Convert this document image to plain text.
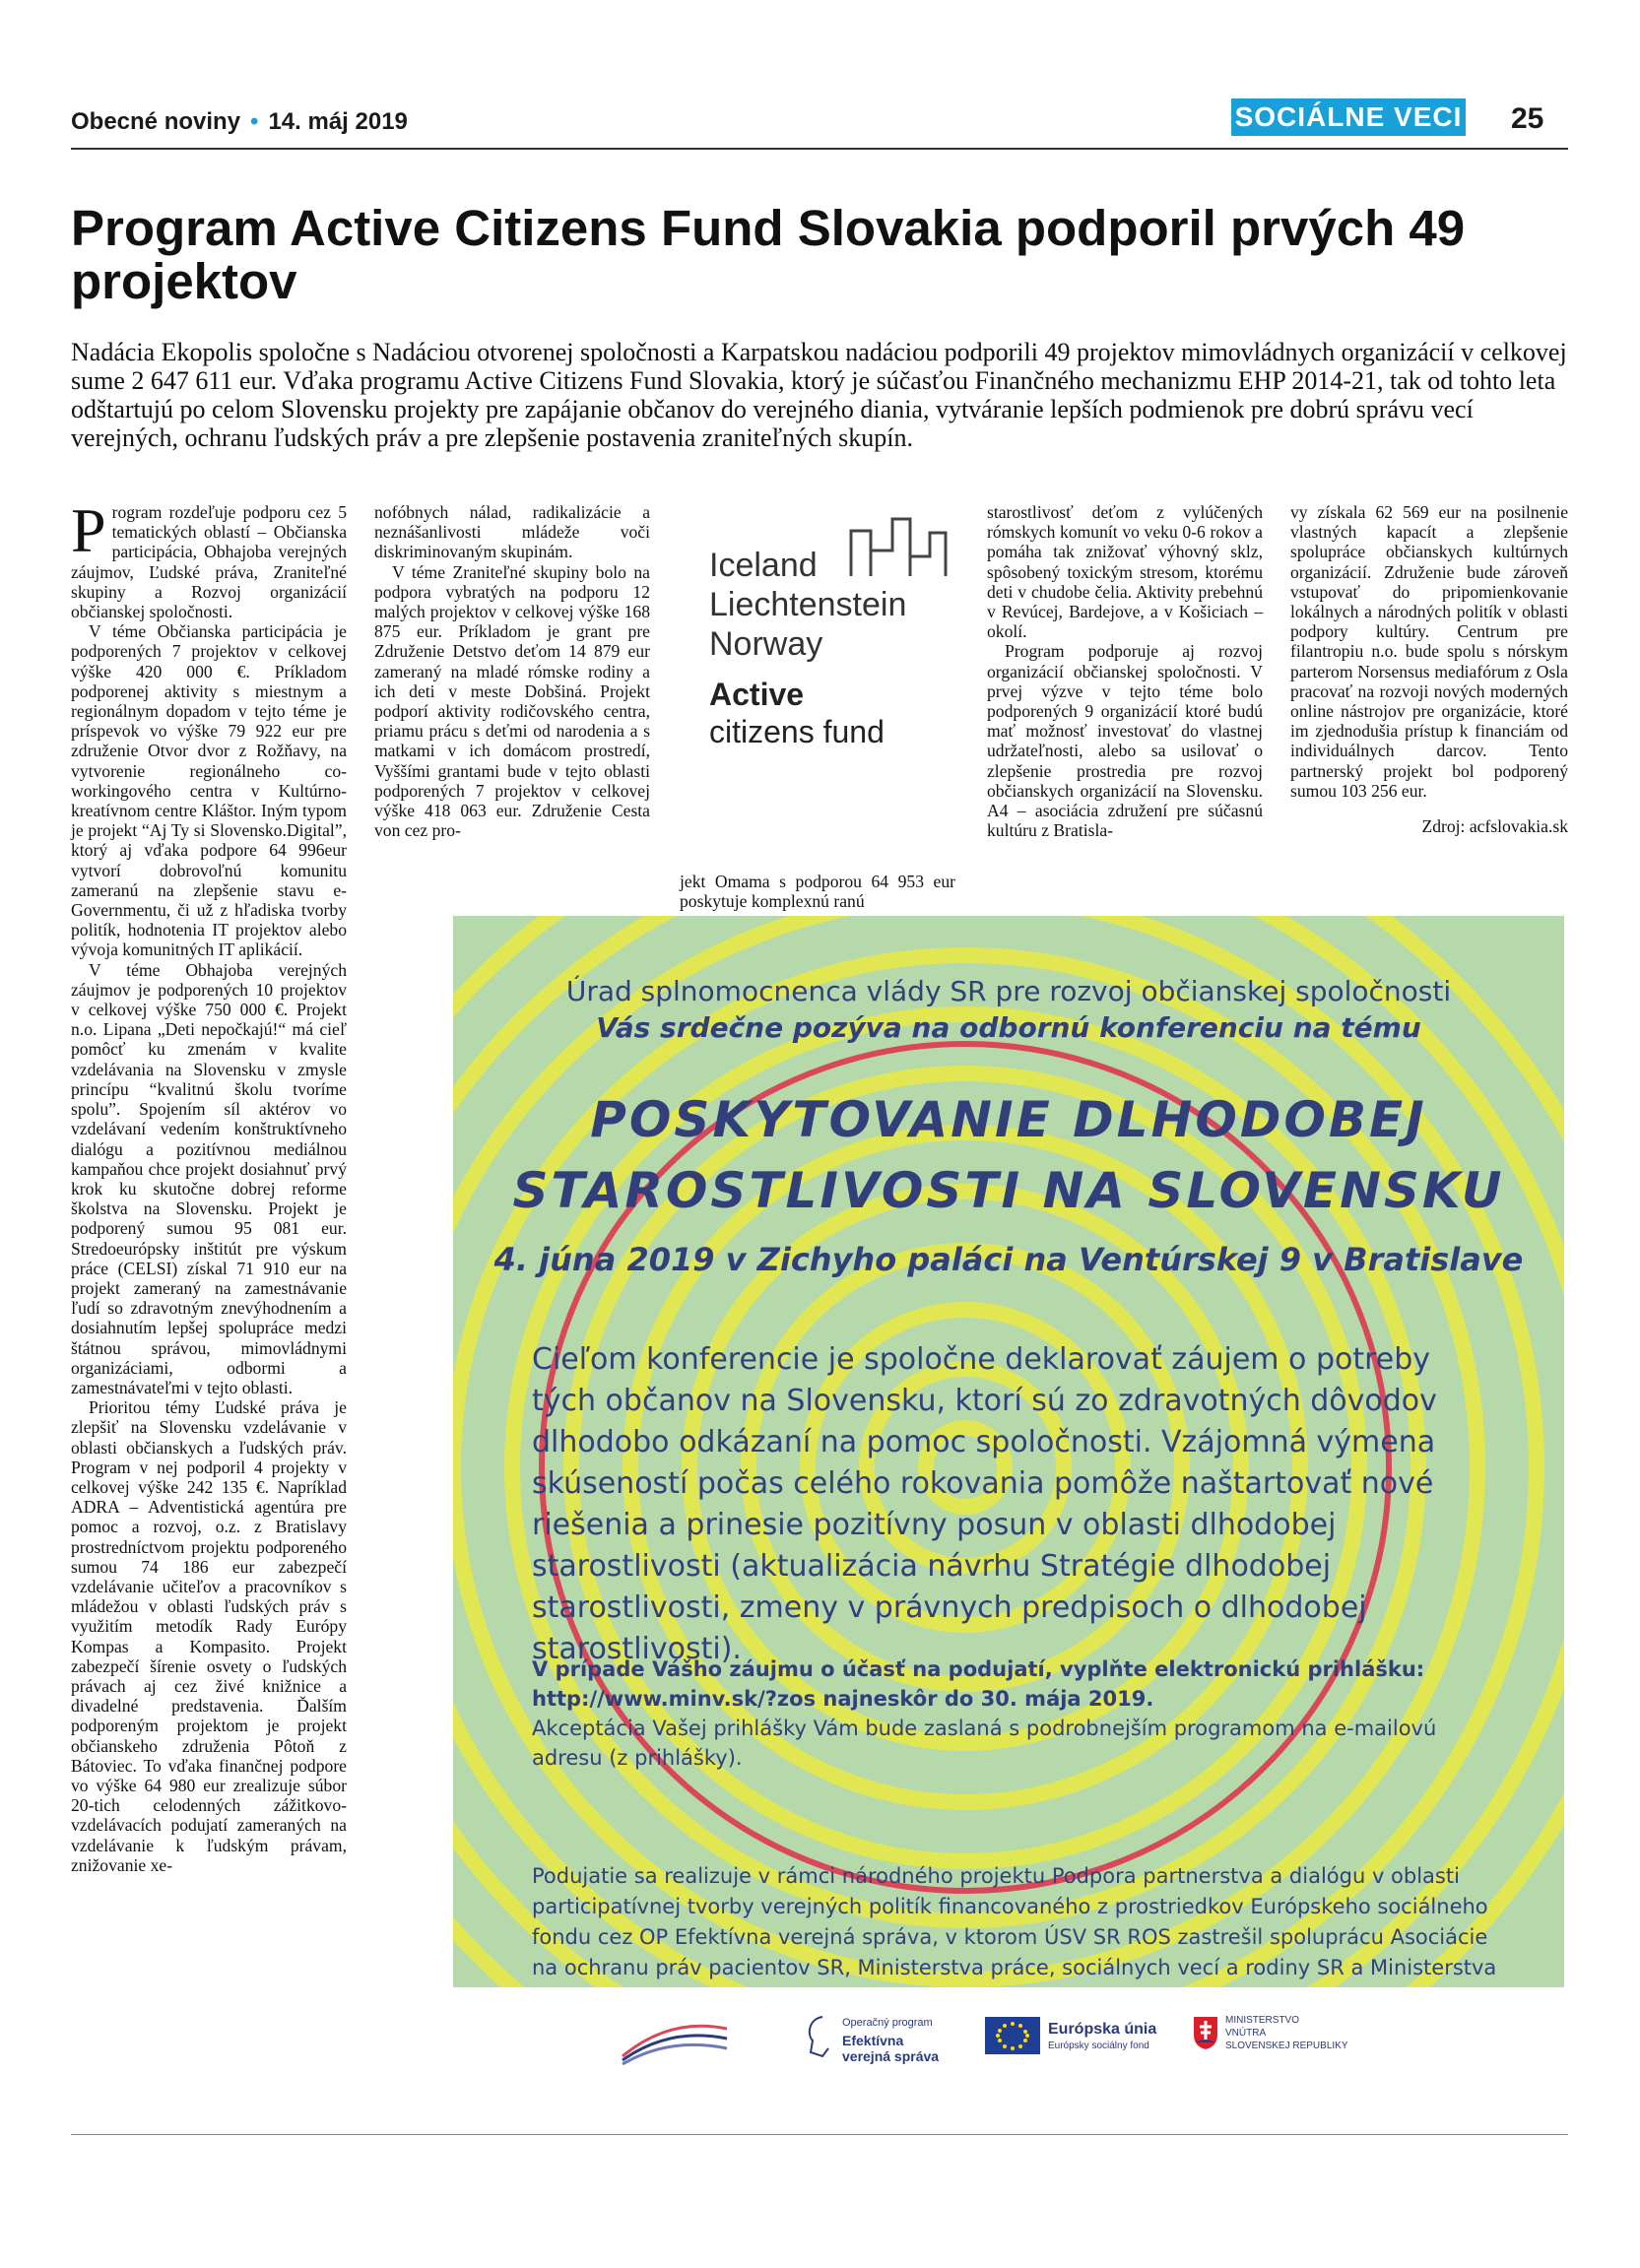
Obecné noviny • 14. máj 2019	SOCIÁLNE VECI 25
Program Active Citizens Fund Slovakia podporil prvých 49 projektov

Nadácia Ekopolis spoločne s Nadáciou otvorenej spoločnosti a Karpatskou nadáciou podporili 49 projektov mimovládnych organizácií v celkovej sume 2 647 611 eur. Vďaka programu Active Citizens Fund Slovakia, ktorý je súčasťou Finančného mechanizmu EHP 2014-21, tak od tohto leta odštartujú po celom Slovensku projekty pre zapájanie občanov do verejného diania, vytváranie lepších podmienok pre dobrú správu vecí verejných, ochranu ľudských práv a pre zlepšenie postavenia zraniteľných skupín.

Program rozdeľuje podporu cez 5 tematických oblastí – Občianska participácia, Obhajoba verejných záujmov, Ľudské práva, Zraniteľné skupiny a Rozvoj organizácií občianskej spoločnosti.

V téme Občianska participácia je podporených 7 projektov v celkovej výške 420 000 €. Príkladom podporenej aktivity s miestnym a regionálnym dopadom v tejto téme je príspevok vo výške 79 922 eur pre združenie Otvor dvor z Rožňavy, na vytvorenie regionálneho co-workingového centra v Kultúrno-kreatívnom centre Kláštor. Iným typom je projekt “Aj Ty si Slovensko.Digital”, ktorý aj vďaka podpore 64 996eur vytvorí dobrovoľnú komunitu zameranú na zlepšenie stavu e-Governmentu, či už z hľadiska tvorby politík, hodnotenia IT projektov alebo vývoja komunitných IT aplikácií.

V téme Obhajoba verejných záujmov je podporených 10 projektov v celkovej výške 750 000 €. Projekt n.o. Lipana „Deti nepočkajú!“ má cieľ pomôcť ku zmenám v kvalite vzdelávania na Slovensku v zmysle princípu “kvalitnú školu tvoríme spolu”. Spojením síl aktérov vo vzdelávaní vedením konštruktívneho dialógu a pozitívnou mediálnou kampaňou chce projekt dosiahnuť prvý krok ku skutočne dobrej reforme školstva na Slovensku. Projekt je podporený sumou 95 081 eur. Stredoeurópsky inštitút pre výskum práce (CELSI) získal 71 910 eur na projekt zameraný na zamestnávanie ľudí so zdravotným znevýhodnením a dosiahnutím lepšej spolupráce medzi štátnou správou, mimovládnymi organizáciami, odbormi a zamestnávateľmi v tejto oblasti.

Prioritou témy Ľudské práva je zlepšiť na Slovensku vzdelávanie v oblasti občianskych a ľudských práv. Program v nej podporil 4 projekty v celkovej výške 242 135 €. Napríklad ADRA – Adventistická agentúra pre pomoc a rozvoj, o.z. z Bratislavy prostredníctvom projektu podporeného sumou 74 186 eur zabezpečí vzdelávanie učiteľov a pracovníkov s mládežou v oblasti ľudských práv s využitím metodík Rady Európy Kompas a Kompasito. Projekt zabezpečí šírenie osvety o ľudských právach aj cez živé knižnice a divadelné predstavenia. Ďalším podporeným projektom je projekt občianskeho združenia Pôtoň z Bátoviec. To vďaka finančnej podpore vo výške 64 980 eur zrealizuje súbor 20-tich celodenných zážitkovo-vzdelávacích podujatí zameraných na vzdelávanie k ľudským právam, znižovanie xe-

nofóbnych nálad, radikalizácie a neznášanlivosti mládeže voči diskriminovaným skupinám.

V téme Zraniteľné skupiny bolo na podpora vybratých na podporu 12 malých projektov v celkovej výške 168 875 eur. Príkladom je grant pre Združenie Detstvo deťom 14 879 eur zameraný na mladé rómske rodiny a ich deti v meste Dobšiná. Projekt podporí aktivity rodičovského centra, priamu prácu s deťmi od narodenia a s matkami v ich domácom prostredí, Vyššími grantami bude v tejto oblasti podporených 7 projektov v celkovej výške 418 063 eur. Združenie Cesta von cez pro-

Iceland
Liechtenstein
Norway
Active
citizens fund

jekt Omama s podporou 64 953 eur poskytuje komplexnú ranú

starostlivosť deťom z vylúčených rómskych komunít vo veku 0-6 rokov a pomáha tak znižovať výhovný sklz, spôsobený toxickým stresom, ktorému deti v chudobe čelia. Aktivity prebehnú v Revúcej, Bardejove, a v Košiciach – okolí.

Program podporuje aj rozvoj organizácií občianskej spoločnosti. V prvej výzve v tejto téme bolo podporených 9 organizácií ktoré budú mať možnosť investovať do vlastnej udržateľnosti, alebo sa usilovať o zlepšenie prostredia pre rozvoj občianskych organizácií na Slovensku. A4 – asociácia združení pre súčasnú kultúru z Bratisla-

vy získala 62 569 eur na posilnenie vlastných kapacít a zlepšenie spolupráce občianskych kultúrnych organizácií. Združenie bude zároveň vstupovať do pripomienkovanie lokálnych a národných politík v oblasti podpory kultúry. Centrum pre filantropiu n.o. bude spolu s nórskym parterom Norsensus mediafórum z Osla pracovať na rozvoji nových moderných online nástrojov pre organizácie, ktoré im zjednodušia prístup k financiám od individuálnych darcov. Tento partnerský projekt bol podporený sumou 103 256 eur.

Zdroj: acfslovakia.sk

Úrad splnomocnenca vlády SR pre rozvoj občianskej spoločnosti
Vás srdečne pozýva na odbornú konferenciu na tému
POSKYTOVANIE DLHODOBEJ
STAROSTLIVOSTI NA SLOVENSKU
4. júna 2019 v Zichyho paláci na Ventúrskej 9 v Bratislave
Cieľom konferencie je spoločne deklarovať záujem o potreby tých občanov na Slovensku, ktorí sú zo zdravotných dôvodov dlhodobo odkázaní na pomoc spoločnosti. Vzájomná výmena skúseností počas celého rokovania pomôže naštartovať nové riešenia a prinesie pozitívny posun v oblasti dlhodobej starostlivosti (aktualizácia návrhu Stratégie dlhodobej starostlivosti, zmeny v právnych predpisoch o dlhodobej starostlivosti).
V prípade Vášho záujmu o účasť na podujatí, vyplňte elektronickú prihlášku:
http://www.minv.sk/?zos najneskôr do 30. mája 2019.
Akceptácia Vašej prihlášky Vám bude zaslaná s podrobnejším programom na e-mailovú adresu (z prihlášky).
Podujatie sa realizuje v rámci národného projektu Podpora partnerstva a dialógu v oblasti participatívnej tvorby verejných politík financovaného z prostriedkov Európskeho sociálneho fondu cez OP Efektívna verejná správa, v ktorom ÚSV SR ROS zastrešil spoluprácu Asociácie na ochranu práv pacientov SR, Ministerstva práce, sociálnych vecí a rodiny SR a Ministerstva
Operačný program
Efektívna verejná správa
Európska únia
Európsky sociálny fond
MINISTERSTVO
VNÚTRA
SLOVENSKEJ REPUBLIKY
